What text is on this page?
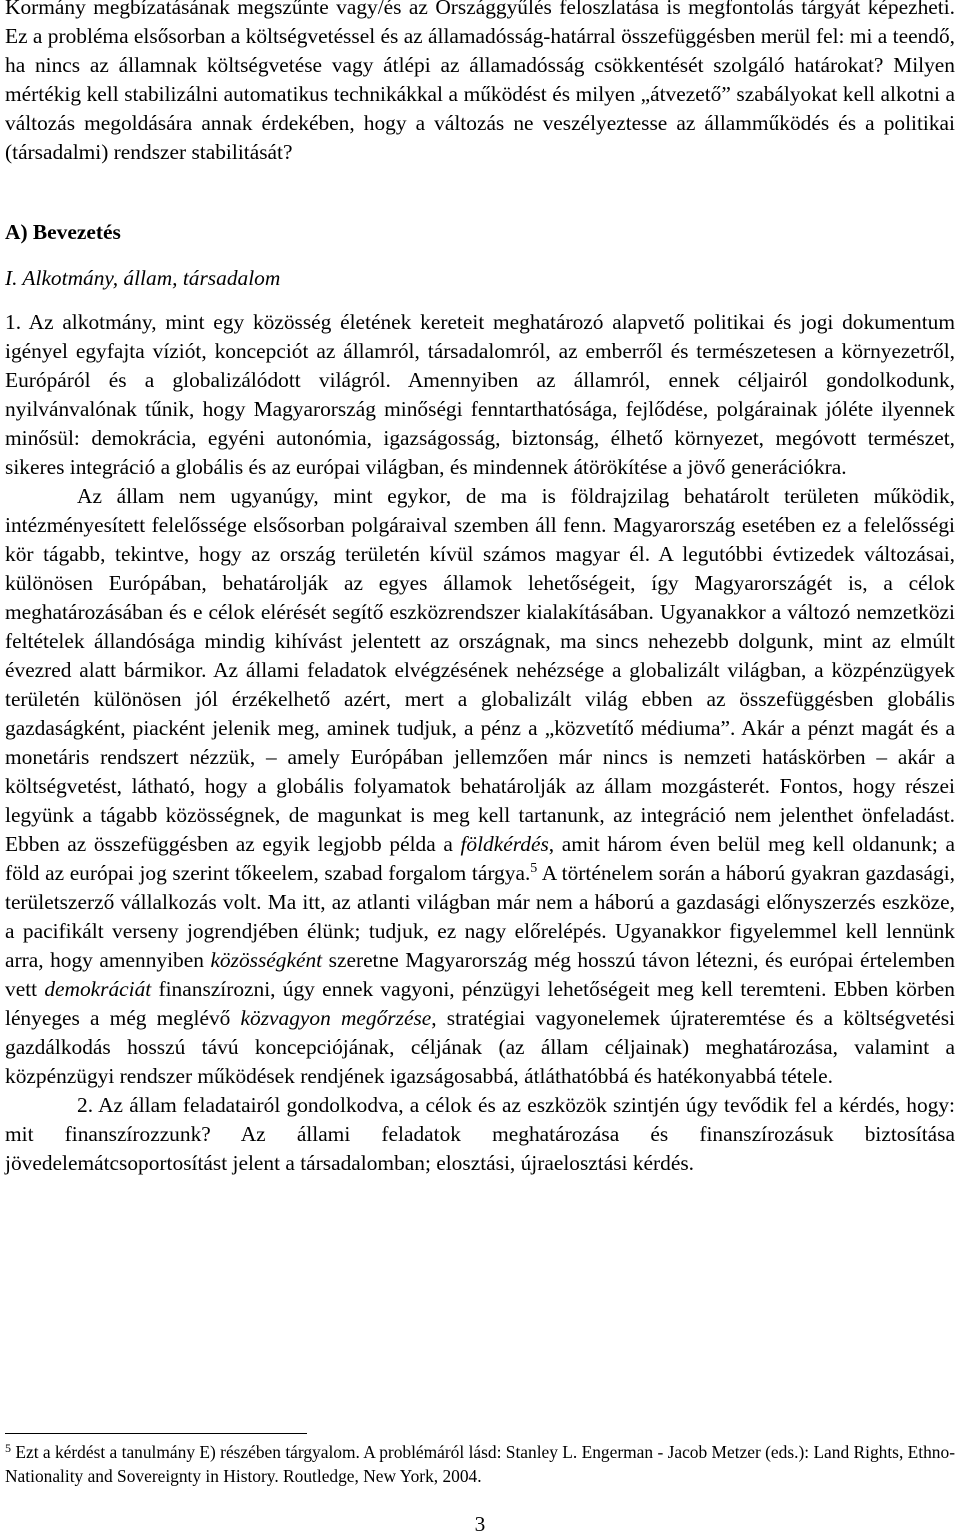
Kormány megbízatásának megszűnte vagy/és az Országgyűlés feloszlatása is megfontolás tárgyát képezheti. Ez a probléma elsősorban a költségvetéssel és az államadósság-határral összefüggésben merül fel: mi a teendő, ha nincs az államnak költségvetése vagy átlépi az államadósság csökkentését szolgáló határokat? Milyen mértékig kell stabilizálni automatikus technikákkal a működést és milyen „átvezető” szabályokat kell alkotni a változás megoldására annak érdekében, hogy a változás ne veszélyeztesse az államműködés és a politikai (társadalmi) rendszer stabilitását?

A) Bevezetés
I. Alkotmány, állam, társadalom

1. Az alkotmány, mint egy közösség életének kereteit meghatározó alapvető politikai és jogi dokumentum igényel egyfajta víziót, koncepciót az államról, társadalomról, az emberről és természetesen a környezetről, Európáról és a globalizálódott világról. Amennyiben az államról, ennek céljairól gondolkodunk, nyilvánvalónak tűnik, hogy Magyarország minőségi fenntarthatósága, fejlődése, polgárainak jóléte ilyennek minősül: demokrácia, egyéni autonómia, igazságosság, biztonság, élhető környezet, megóvott természet, sikeres integráció a globális és az európai világban, és mindennek átörökítése a jövő generációkra.

Az állam nem ugyanúgy, mint egykor, de ma is földrajzilag behatárolt területen működik, intézményesített felelőssége elsősorban polgáraival szemben áll fenn. Magyarország esetében ez a felelősségi kör tágabb, tekintve, hogy az ország területén kívül számos magyar él. A legutóbbi évtizedek változásai, különösen Európában, behatárolják az egyes államok lehetőségeit, így Magyarországét is, a célok meghatározásában és e célok elérését segítő eszközrendszer kialakításában. Ugyanakkor a változó nemzetközi feltételek állandósága mindig kihívást jelentett az országnak, ma sincs nehezebb dolgunk, mint az elmúlt évezred alatt bármikor. Az állami feladatok elvégzésének nehézsége a globalizált világban, a közpénzügyek területén különösen jól érzékelhető azért, mert a globalizált világ ebben az összefüggésben globális gazdaságként, piacként jelenik meg, aminek tudjuk, a pénz a „közvetítő médiuma”. Akár a pénzt magát és a monetáris rendszert nézzük, – amely Európában jellemzően már nincs is nemzeti hatáskörben – akár a költségvetést, látható, hogy a globális folyamatok behatárolják az állam mozgásterét. Fontos, hogy részei legyünk a tágabb közösségnek, de magunkat is meg kell tartanunk, az integráció nem jelenthet önfeladást. Ebben az összefüggésben az egyik legjobb példa a földkérdés, amit három éven belül meg kell oldanunk; a föld az európai jog szerint tőkeelem, szabad forgalom tárgya.$^5$ A történelem során a háború gyakran gazdasági, területszerző vállalkozás volt. Ma itt, az atlanti világban már nem a háború a gazdasági előnyszerzés eszköze, a pacifikált verseny jogrendjében élünk; tudjuk, ez nagy előrelépés. Ugyanakkor figyelemmel kell lennünk arra, hogy amennyiben közösségként szeretne Magyarország még hosszú távon létezni, és európai értelemben vett demokráciát finanszírozni, úgy ennek vagyoni, pénzügyi lehetőségeit meg kell teremteni. Ebben körben lényeges a még meglévő közvagyon megőrzése, stratégiai vagyonelemek újrateremtése és a költségvetési gazdálkodás hosszú távú koncepciójának, céljának (az állam céljainak) meghatározása, valamint a közpénzügyi rendszer működések rendjének igazságosabbá, átláthatóbbá és hatékonyabbá tétele.

2. Az állam feladatairól gondolkodva, a célok és az eszközök szintjén úgy tevődik fel a kérdés, hogy: mit finanszírozzunk? Az állami feladatok meghatározása és finanszírozásuk biztosítása jövedelemátcsoportosítást jelent a társadalomban; elosztási, újraelosztási kérdés.

$^5$ Ezt a kérdést a tanulmány E) részében tárgyalom. A problémáról lásd: Stanley L. Engerman - Jacob Metzer (eds.): Land Rights, Ethno-Nationality and Sovereignty in History. Routledge, New York, 2004.
3
